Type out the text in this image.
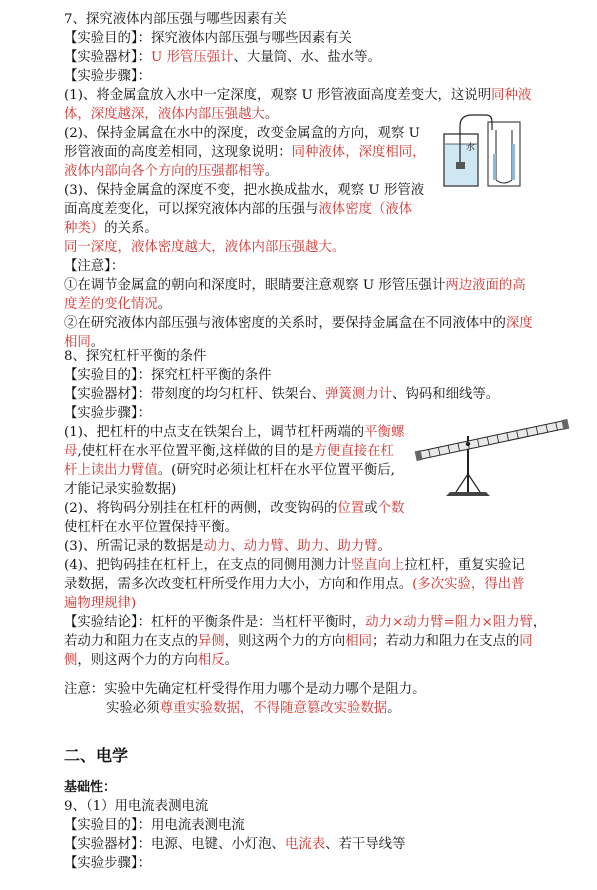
7、探究液体内部压强与哪些因素有关
【实验目的】：探究液体内部压强与哪些因素有关
【实验器材】：U 形管压强计、大量筒、水、盐水等。
【实验步骤】：
(1)、将金属盒放入水中一定深度，观察 U 形管液面高度差变大，这说明同种液
体，深度越深，液体内部压强越大。
(2)、保持金属盒在水中的深度，改变金属盒的方向，观察 U
形管液面的高度差相同，这现象说明：同种液体，深度相同，
液体内部向各个方向的压强都相等。
(3)、保持金属盒的深度不变，把水换成盐水，观察 U 形管液
面高度差变化，可以探究液体内部的压强与液体密度（液体
种类）的关系。
同一深度，液体密度越大，液体内部压强越大。
【注意】：
①在调节金属盒的朝向和深度时，眼睛要注意观察 U 形管压强计两边液面的高
度差的变化情况。
②在研究液体内部压强与液体密度的关系时，要保持金属盒在不同液体中的深度
相同。
水
8、探究杠杆平衡的条件
【实验目的】：探究杠杆平衡的条件
【实验器材】：带刻度的均匀杠杆、铁架台、弹簧测力计、钩码和细线等。
【实验步骤】：
(1)、把杠杆的中点支在铁架台上，调节杠杆两端的平衡螺
母,使杠杆在水平位置平衡,这样做的目的是方便直接在杠
杆上读出力臂值。(研究时必须让杠杆在水平位置平衡后,
才能记录实验数据)
(2)、将钩码分别挂在杠杆的两侧，改变钩码的位置或个数
使杠杆在水平位置保持平衡。
(3)、所需记录的数据是动力、动力臂、助力、助力臂。
(4)、把钩码挂在杠杆上，在支点的同侧用测力计竖直向上拉杠杆，重复实验记
录数据，需多次改变杠杆所受作用力大小，方向和作用点。(多次实验，得出普
遍物理规律)
【实验结论】：杠杆的平衡条件是：当杠杆平衡时，动力×动力臂=阻力×阻力臂，
若动力和阻力在支点的异侧，则这两个力的方向相同；若动力和阻力在支点的同
侧，则这两个力的方向相反。
注意：实验中先确定杠杆受得作用力哪个是动力哪个是阻力。
实验必须尊重实验数据，不得随意篡改实验数据。
二、电学
基础性：
9、（1）用电流表测电流
【实验目的】：用电流表测电流
【实验器材】：电源、电键、小灯泡、电流表、若干导线等
【实验步骤】：
